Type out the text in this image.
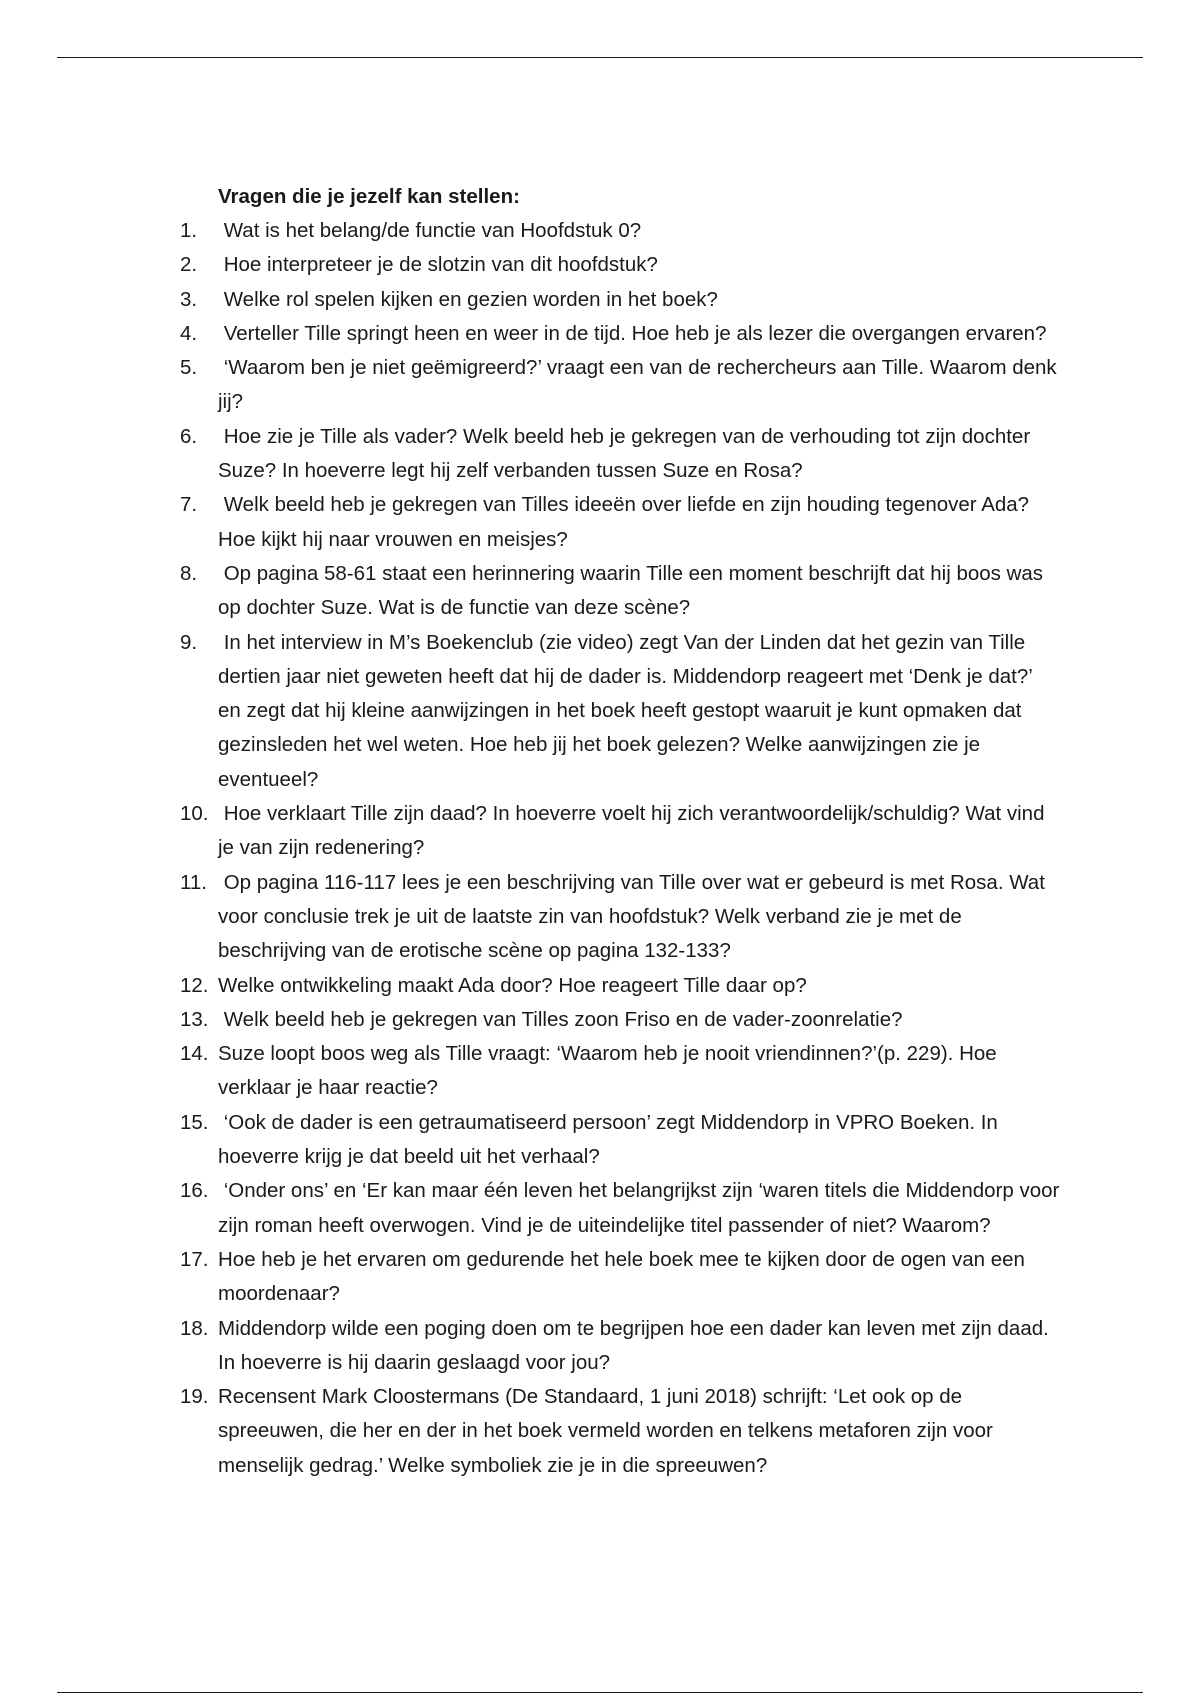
Vragen die je jezelf kan stellen:
1.	Wat is het belang/de functie van Hoofdstuk 0?
2.	Hoe interpreteer je de slotzin van dit hoofdstuk?
3.	Welke rol spelen kijken en gezien worden in het boek?
4.	Verteller Tille springt heen en weer in de tijd. Hoe heb je als lezer die overgangen ervaren?
5.	‘Waarom ben je niet geëmigreerd?’ vraagt een van de rechercheurs aan Tille. Waarom denk jij?
6.	Hoe zie je Tille als vader? Welk beeld heb je gekregen van de verhouding tot zijn dochter Suze? In hoeverre legt hij zelf verbanden tussen Suze en Rosa?
7.	Welk beeld heb je gekregen van Tilles ideeën over liefde en zijn houding tegenover Ada? Hoe kijkt hij naar vrouwen en meisjes?
8.	Op pagina 58-61 staat een herinnering waarin Tille een moment beschrijft dat hij boos was op dochter Suze. Wat is de functie van deze scène?
9.	In het interview in M’s Boekenclub (zie video) zegt Van der Linden dat het gezin van Tille dertien jaar niet geweten heeft dat hij de dader is. Middendorp reageert met ‘Denk je dat?’ en zegt dat hij kleine aanwijzingen in het boek heeft gestopt waaruit je kunt opmaken dat gezinsleden het wel weten. Hoe heb jij het boek gelezen? Welke aanwijzingen zie je eventueel?
10. Hoe verklaart Tille zijn daad? In hoeverre voelt hij zich verantwoordelijk/schuldig? Wat vind je van zijn redenering?
11. Op pagina 116-117 lees je een beschrijving van Tille over wat er gebeurd is met Rosa. Wat voor conclusie trek je uit de laatste zin van hoofdstuk? Welk verband zie je met de beschrijving van de erotische scène op pagina 132-133?
12. Welke ontwikkeling maakt Ada door? Hoe reageert Tille daar op?
13. Welk beeld heb je gekregen van Tilles zoon Friso en de vader-zoonrelatie?
14. Suze loopt boos weg als Tille vraagt: ‘Waarom heb je nooit vriendinnen?’(p. 229). Hoe verklaar je haar reactie?
15. ‘Ook de dader is een getraumatiseerd persoon’ zegt Middendorp in VPRO Boeken. In hoeverre krijg je dat beeld uit het verhaal?
16. ‘Onder ons’ en ‘Er kan maar één leven het belangrijkst zijn ‘waren titels die Middendorp voor zijn roman heeft overwogen. Vind je de uiteindelijke titel passender of niet? Waarom?
17. Hoe heb je het ervaren om gedurende het hele boek mee te kijken door de ogen van een moordenaar?
18. Middendorp wilde een poging doen om te begrijpen hoe een dader kan leven met zijn daad. In hoeverre is hij daarin geslaagd voor jou?
19. Recensent Mark Cloostermans (De Standaard, 1 juni 2018) schrijft: ‘Let ook op de spreeuwen, die her en der in het boek vermeld worden en telkens metaforen zijn voor menselijk gedrag.’ Welke symboliek zie je in die spreeuwen?
